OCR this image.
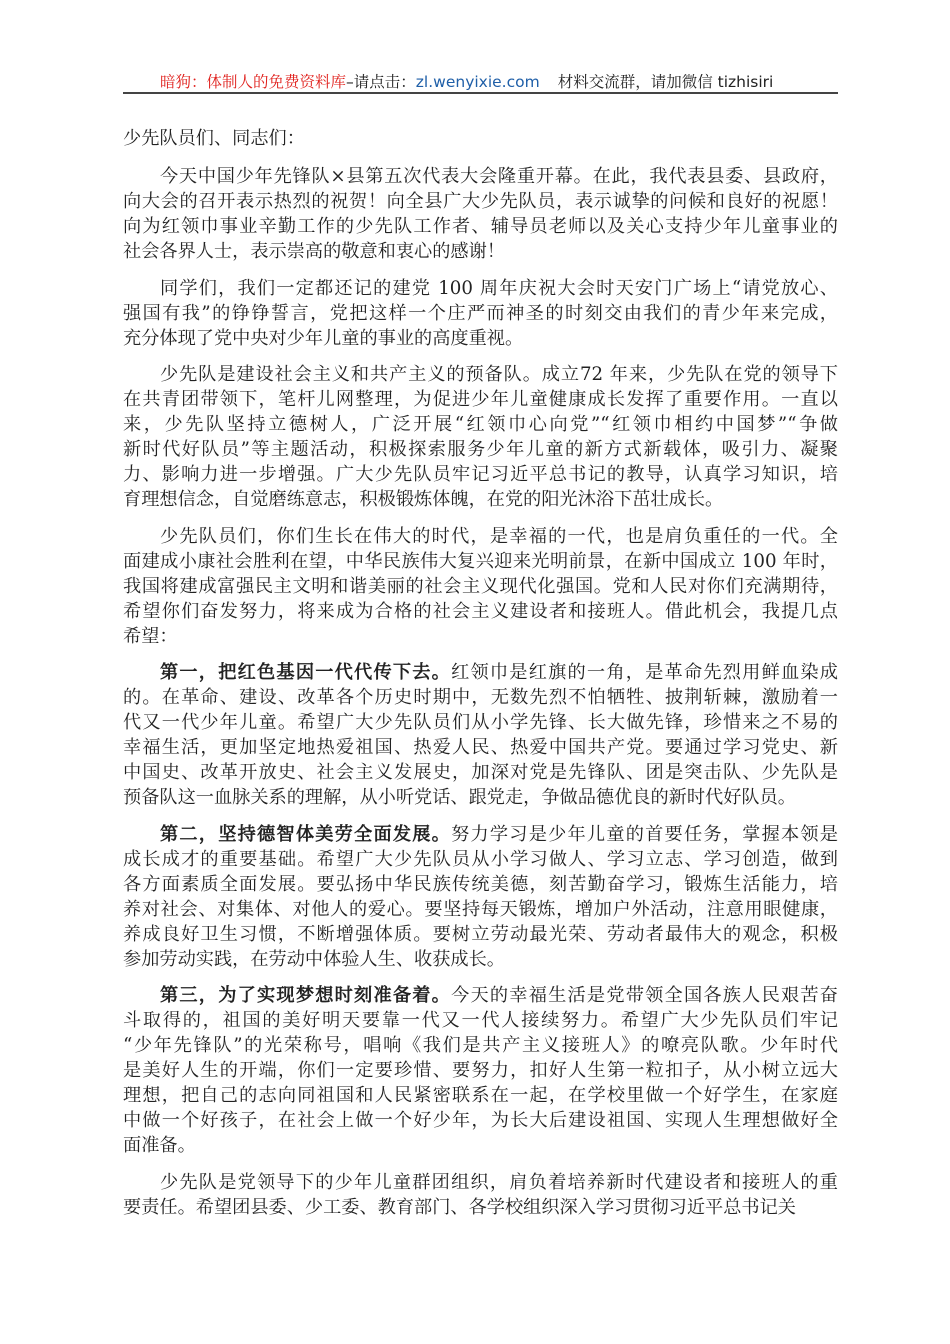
暗狗：体制人的免费资料库–请点击：zl.wenyixie.com 材料交流群，请加微信 tizhisiri
少先队员们、同志们：
今天中国少年先锋队×县第五次代表大会隆重开幕。在此，我代表县委、县政府，
向大会的召开表示热烈的祝贺！向全县广大少先队员，表示诚挚的问候和良好的祝愿！
向为红领巾事业辛勤工作的少先队工作者、辅导员老师以及关心支持少年儿童事业的
社会各界人士，表示崇高的敬意和衷心的感谢！
同学们，我们一定都还记的建党 100 周年庆祝大会时天安门广场上“请党放心、
强国有我”的铮铮誓言，党把这样一个庄严而神圣的时刻交由我们的青少年来完成，
充分体现了党中央对少年儿童的事业的高度重视。
少先队是建设社会主义和共产主义的预备队。成立72 年来，少先队在党的领导下
在共青团带领下，笔杆儿网整理，为促进少年儿童健康成长发挥了重要作用。一直以
来，少先队坚持立德树人，广泛开展“红领巾心向党”“红领巾相约中国梦”“争做
新时代好队员”等主题活动，积极探索服务少年儿童的新方式新载体，吸引力、凝聚
力、影响力进一步增强。广大少先队员牢记习近平总书记的教导，认真学习知识，培
育理想信念，自觉磨练意志，积极锻炼体魄，在党的阳光沐浴下茁壮成长。
少先队员们，你们生长在伟大的时代，是幸福的一代，也是肩负重任的一代。全
面建成小康社会胜利在望，中华民族伟大复兴迎来光明前景，在新中国成立 100 年时，
我国将建成富强民主文明和谐美丽的社会主义现代化强国。党和人民对你们充满期待，
希望你们奋发努力，将来成为合格的社会主义建设者和接班人。借此机会，我提几点
希望：
第一，把红色基因一代代传下去。红领巾是红旗的一角，是革命先烈用鲜血染成
的。在革命、建设、改革各个历史时期中，无数先烈不怕牺牲、披荆斩棘，激励着一
代又一代少年儿童。希望广大少先队员们从小学先锋、长大做先锋，珍惜来之不易的
幸福生活，更加坚定地热爱祖国、热爱人民、热爱中国共产党。要通过学习党史、新
中国史、改革开放史、社会主义发展史，加深对党是先锋队、团是突击队、少先队是
预备队这一血脉关系的理解，从小听党话、跟党走，争做品德优良的新时代好队员。
第二，坚持德智体美劳全面发展。努力学习是少年儿童的首要任务，掌握本领是
成长成才的重要基础。希望广大少先队员从小学习做人、学习立志、学习创造，做到
各方面素质全面发展。要弘扬中华民族传统美德，刻苦勤奋学习，锻炼生活能力，培
养对社会、对集体、对他人的爱心。要坚持每天锻炼，增加户外活动，注意用眼健康，
养成良好卫生习惯，不断增强体质。要树立劳动最光荣、劳动者最伟大的观念，积极
参加劳动实践，在劳动中体验人生、收获成长。
第三，为了实现梦想时刻准备着。今天的幸福生活是党带领全国各族人民艰苦奋
斗取得的，祖国的美好明天要靠一代又一代人接续努力。希望广大少先队员们牢记
“少年先锋队”的光荣称号，唱响《我们是共产主义接班人》的嘹亮队歌。少年时代
是美好人生的开端，你们一定要珍惜、要努力，扣好人生第一粒扣子，从小树立远大
理想，把自己的志向同祖国和人民紧密联系在一起，在学校里做一个好学生，在家庭
中做一个好孩子，在社会上做一个好少年，为长大后建设祖国、实现人生理想做好全
面准备。
少先队是党领导下的少年儿童群团组织，肩负着培养新时代建设者和接班人的重
要责任。希望团县委、少工委、教育部门、各学校组织深入学习贯彻习近平总书记关
